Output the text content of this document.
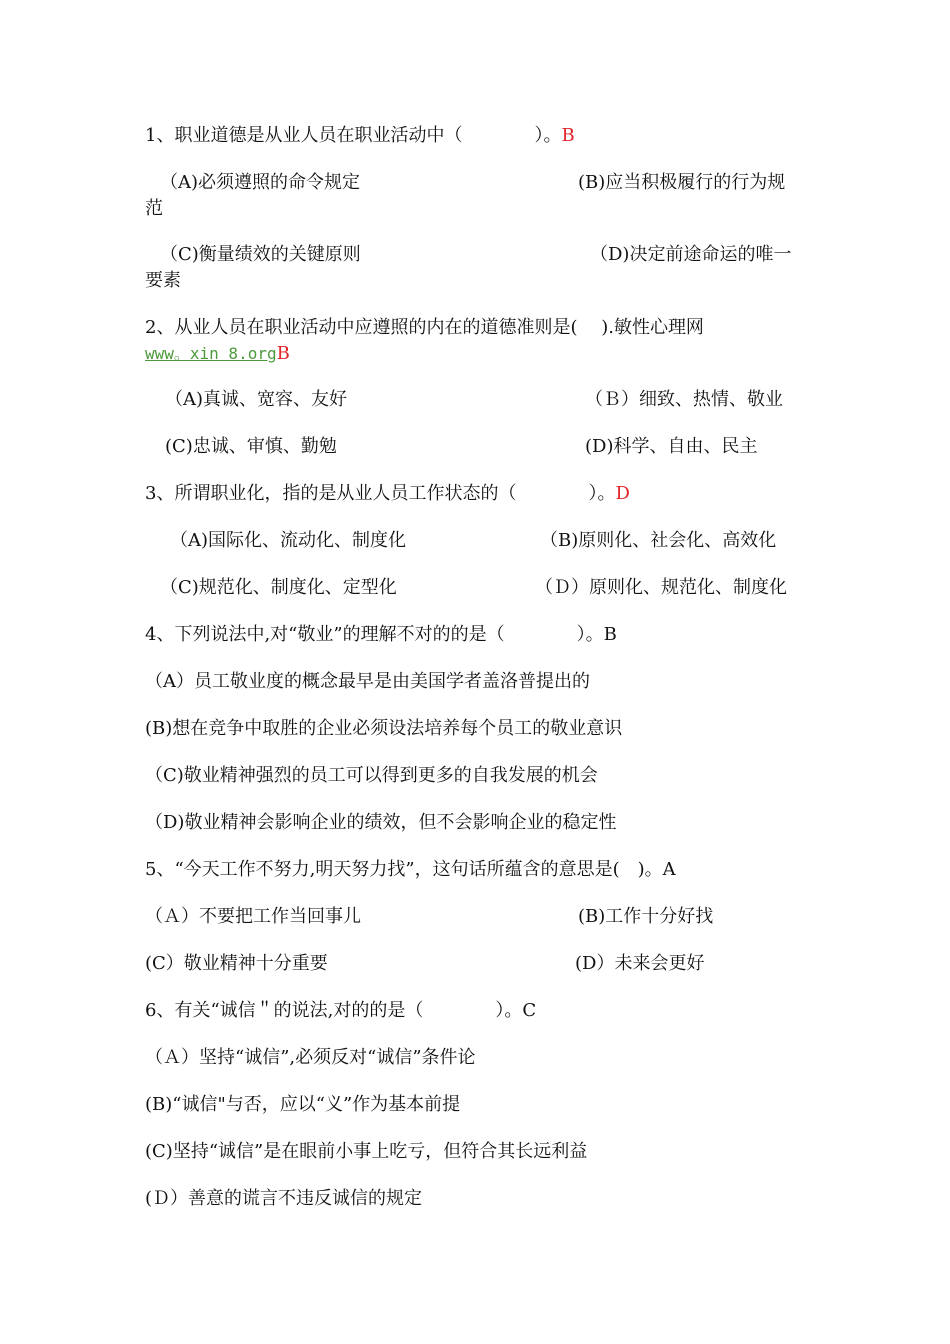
1、职业道德是从业人员在职业活动中（　　　　）。B
（A)必须遵照的命令规定	(B)应当积极履行的行为规
范
（C)衡量绩效的关键原则	（D)决定前途命运的唯一
要素
2、从业人员在职业活动中应遵照的内在的道德准则是(　 ).敏性心理网
www。xin 8.orgB
（A)真诚、宽容、友好	（Ｂ）细致、热情、敬业
(C)忠诚、审慎、勤勉	(D)科学、自由、民主
3、所谓职业化，指的是从业人员工作状态的（　　　　）。D
（A)国际化、流动化、制度化	（B)原则化、社会化、高效化
（C)规范化、制度化、定型化	（Ｄ）原则化、规范化、制度化
4、下列说法中,对“敬业”的理解不对的的是（　　　　）。B
（A）员工敬业度的概念最早是由美国学者盖洛普提出的
(B)想在竞争中取胜的企业必须设法培养每个员工的敬业意识
（C)敬业精神强烈的员工可以得到更多的自我发展的机会
（D)敬业精神会影响企业的绩效，但不会影响企业的稳定性
5、“今天工作不努力,明天努力找”，这句话所蕴含的意思是(　)。A
（Ａ）不要把工作当回事儿	(B)工作十分好找
(C）敬业精神十分重要	(D）未来会更好
6、有关“诚信＂的说法,对的的是（　　　　）。C
（Ａ）坚持“诚信”,必须反对“诚信”条件论
(B)“诚信"与否，应以“义”作为基本前提
(C)坚持“诚信”是在眼前小事上吃亏，但符合其长远利益
(Ｄ）善意的谎言不违反诚信的规定
